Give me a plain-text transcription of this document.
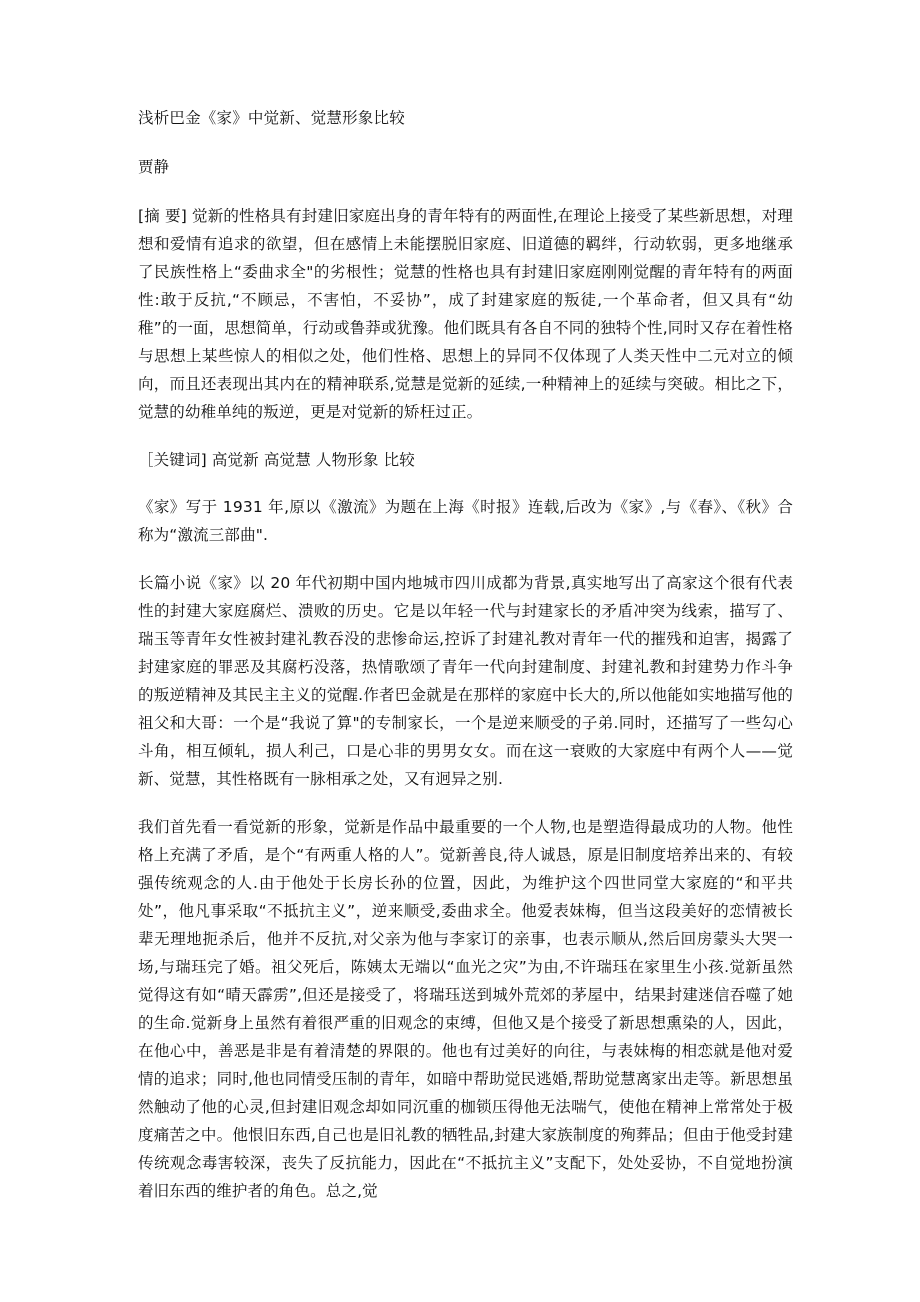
浅析巴金《家》中觉新、觉慧形象比较

贾静

[摘 要] 觉新的性格具有封建旧家庭出身的青年特有的两面性,在理论上接受了某些新思想，对理想和爱情有追求的欲望，但在感情上未能摆脱旧家庭、旧道德的羁绊，行动软弱，更多地继承了民族性格上“委曲求全"的劣根性；觉慧的性格也具有封建旧家庭刚刚觉醒的青年特有的两面性:敢于反抗,“不顾忌，不害怕，不妥协”，成了封建家庭的叛徒,一个革命者，但又具有“幼稚”的一面，思想简单，行动或鲁莽或犹豫。他们既具有各自不同的独特个性,同时又存在着性格与思想上某些惊人的相似之处，他们性格、思想上的异同不仅体现了人类天性中二元对立的倾向，而且还表现出其内在的精神联系,觉慧是觉新的延续,一种精神上的延续与突破。相比之下，觉慧的幼稚单纯的叛逆，更是对觉新的矫枉过正。

［关键词] 高觉新 高觉慧 人物形象 比较

《家》写于 1931 年,原以《激流》为题在上海《时报》连载,后改为《家》,与《春》、《秋》合称为“激流三部曲".

长篇小说《家》以 20 年代初期中国内地城市四川成都为背景,真实地写出了高家这个很有代表性的封建大家庭腐烂、溃败的历史。它是以年轻一代与封建家长的矛盾冲突为线索，描写了、瑞玉等青年女性被封建礼教吞没的悲惨命运,控诉了封建礼教对青年一代的摧残和迫害，揭露了封建家庭的罪恶及其腐朽没落，热情歌颂了青年一代向封建制度、封建礼教和封建势力作斗争的叛逆精神及其民主主义的觉醒.作者巴金就是在那样的家庭中长大的,所以他能如实地描写他的祖父和大哥：一个是“我说了算"的专制家长，一个是逆来顺受的子弟.同时，还描写了一些勾心斗角，相互倾轧，损人利己，口是心非的男男女女。而在这一衰败的大家庭中有两个人——觉新、觉慧，其性格既有一脉相承之处，又有迥异之别.

我们首先看一看觉新的形象，觉新是作品中最重要的一个人物,也是塑造得最成功的人物。他性格上充满了矛盾，是个“有两重人格的人”。觉新善良,待人诚恳，原是旧制度培养出来的、有较强传统观念的人.由于他处于长房长孙的位置，因此，为维护这个四世同堂大家庭的“和平共处”，他凡事采取“不抵抗主义”，逆来顺受,委曲求全。他爱表妹梅，但当这段美好的恋情被长辈无理地扼杀后，他并不反抗,对父亲为他与李家订的亲事，也表示顺从,然后回房蒙头大哭一场,与瑞珏完了婚。祖父死后，陈姨太无端以“血光之灾”为由,不许瑞珏在家里生小孩.觉新虽然觉得这有如“晴天霹雳”,但还是接受了，将瑞珏送到城外荒郊的茅屋中，结果封建迷信吞噬了她的生命.觉新身上虽然有着很严重的旧观念的束缚，但他又是个接受了新思想熏染的人，因此，在他心中，善恶是非是有着清楚的界限的。他也有过美好的向往，与表妹梅的相恋就是他对爱情的追求；同时,他也同情受压制的青年，如暗中帮助觉民逃婚,帮助觉慧离家出走等。新思想虽然触动了他的心灵,但封建旧观念却如同沉重的枷锁压得他无法喘气，使他在精神上常常处于极度痛苦之中。他恨旧东西,自己也是旧礼教的牺牲品,封建大家族制度的殉葬品；但由于他受封建传统观念毒害较深，丧失了反抗能力，因此在“不抵抗主义”支配下，处处妥协，不自觉地扮演着旧东西的维护者的角色。总之,觉
